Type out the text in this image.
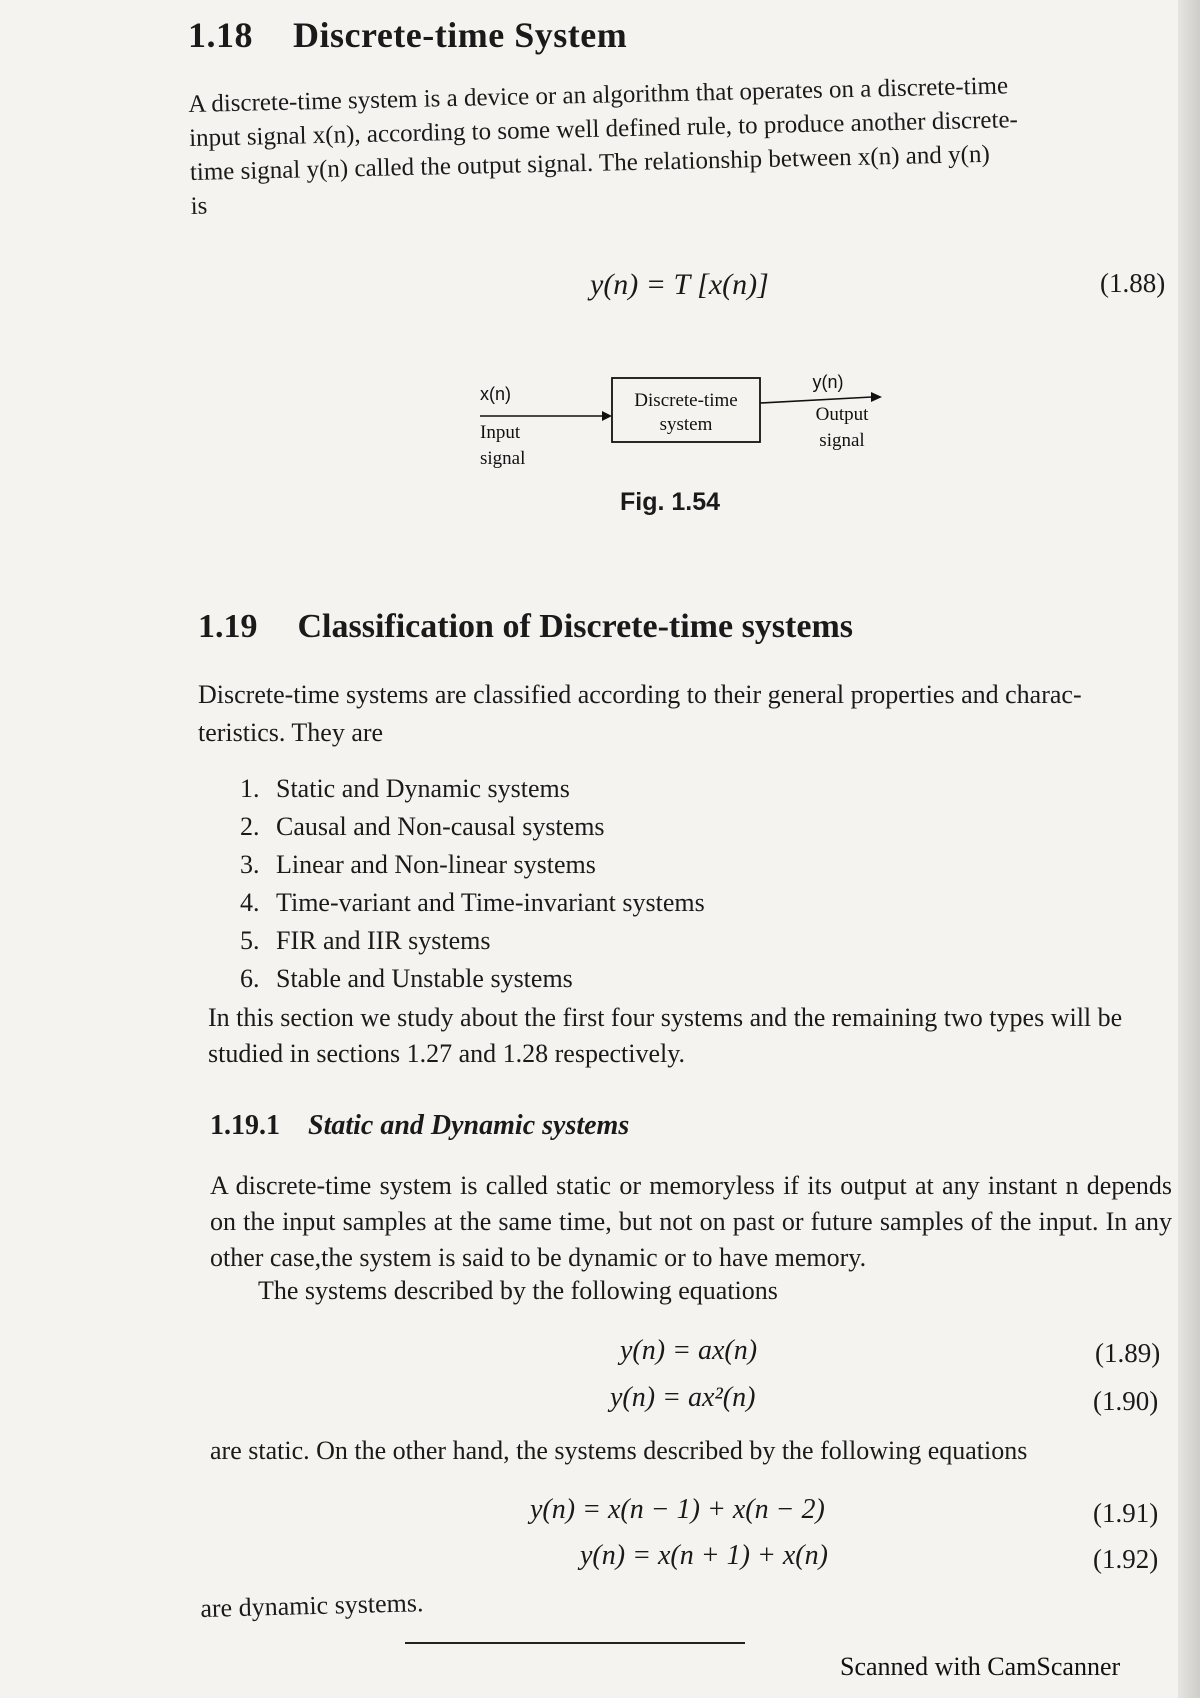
1.18 Discrete-time System

A discrete-time system is a device or an algorithm that operates on a discrete-time

input signal x(n), according to some well defined rule, to produce another discrete-

time signal y(n) called the output signal. The relationship between x(n) and y(n)

is

y(n) = T [x(n)]	(1.88)
x(n)
Input
signal
Discrete-time
system
y(n)
Output
signal
Fig. 1.54
1.19 Classification of Discrete-time systems
Discrete-time systems are classified according to their general properties and charac- teristics. They are
1. Static and Dynamic systems
2. Causal and Non-causal systems
3. Linear and Non-linear systems
4. Time-variant and Time-invariant systems
5. FIR and IIR systems
6. Stable and Unstable systems
In this section we study about the first four systems and the remaining two types will be studied in sections 1.27 and 1.28 respectively.
1.19.1 Static and Dynamic systems
A discrete-time system is called static or memoryless if its output at any instant n depends on the input samples at the same time, but not on past or future samples of the input. In any other case,the system is said to be dynamic or to have memory.
The systems described by the following equations
y(n) = ax(n)	(1.89)
y(n) = ax²(n)	(1.90)
are static. On the other hand, the systems described by the following equations
y(n) = x(n − 1) + x(n − 2)	(1.91)
y(n) = x(n + 1) + x(n)	(1.92)
are dynamic systems.
Scanned with CamScanner
